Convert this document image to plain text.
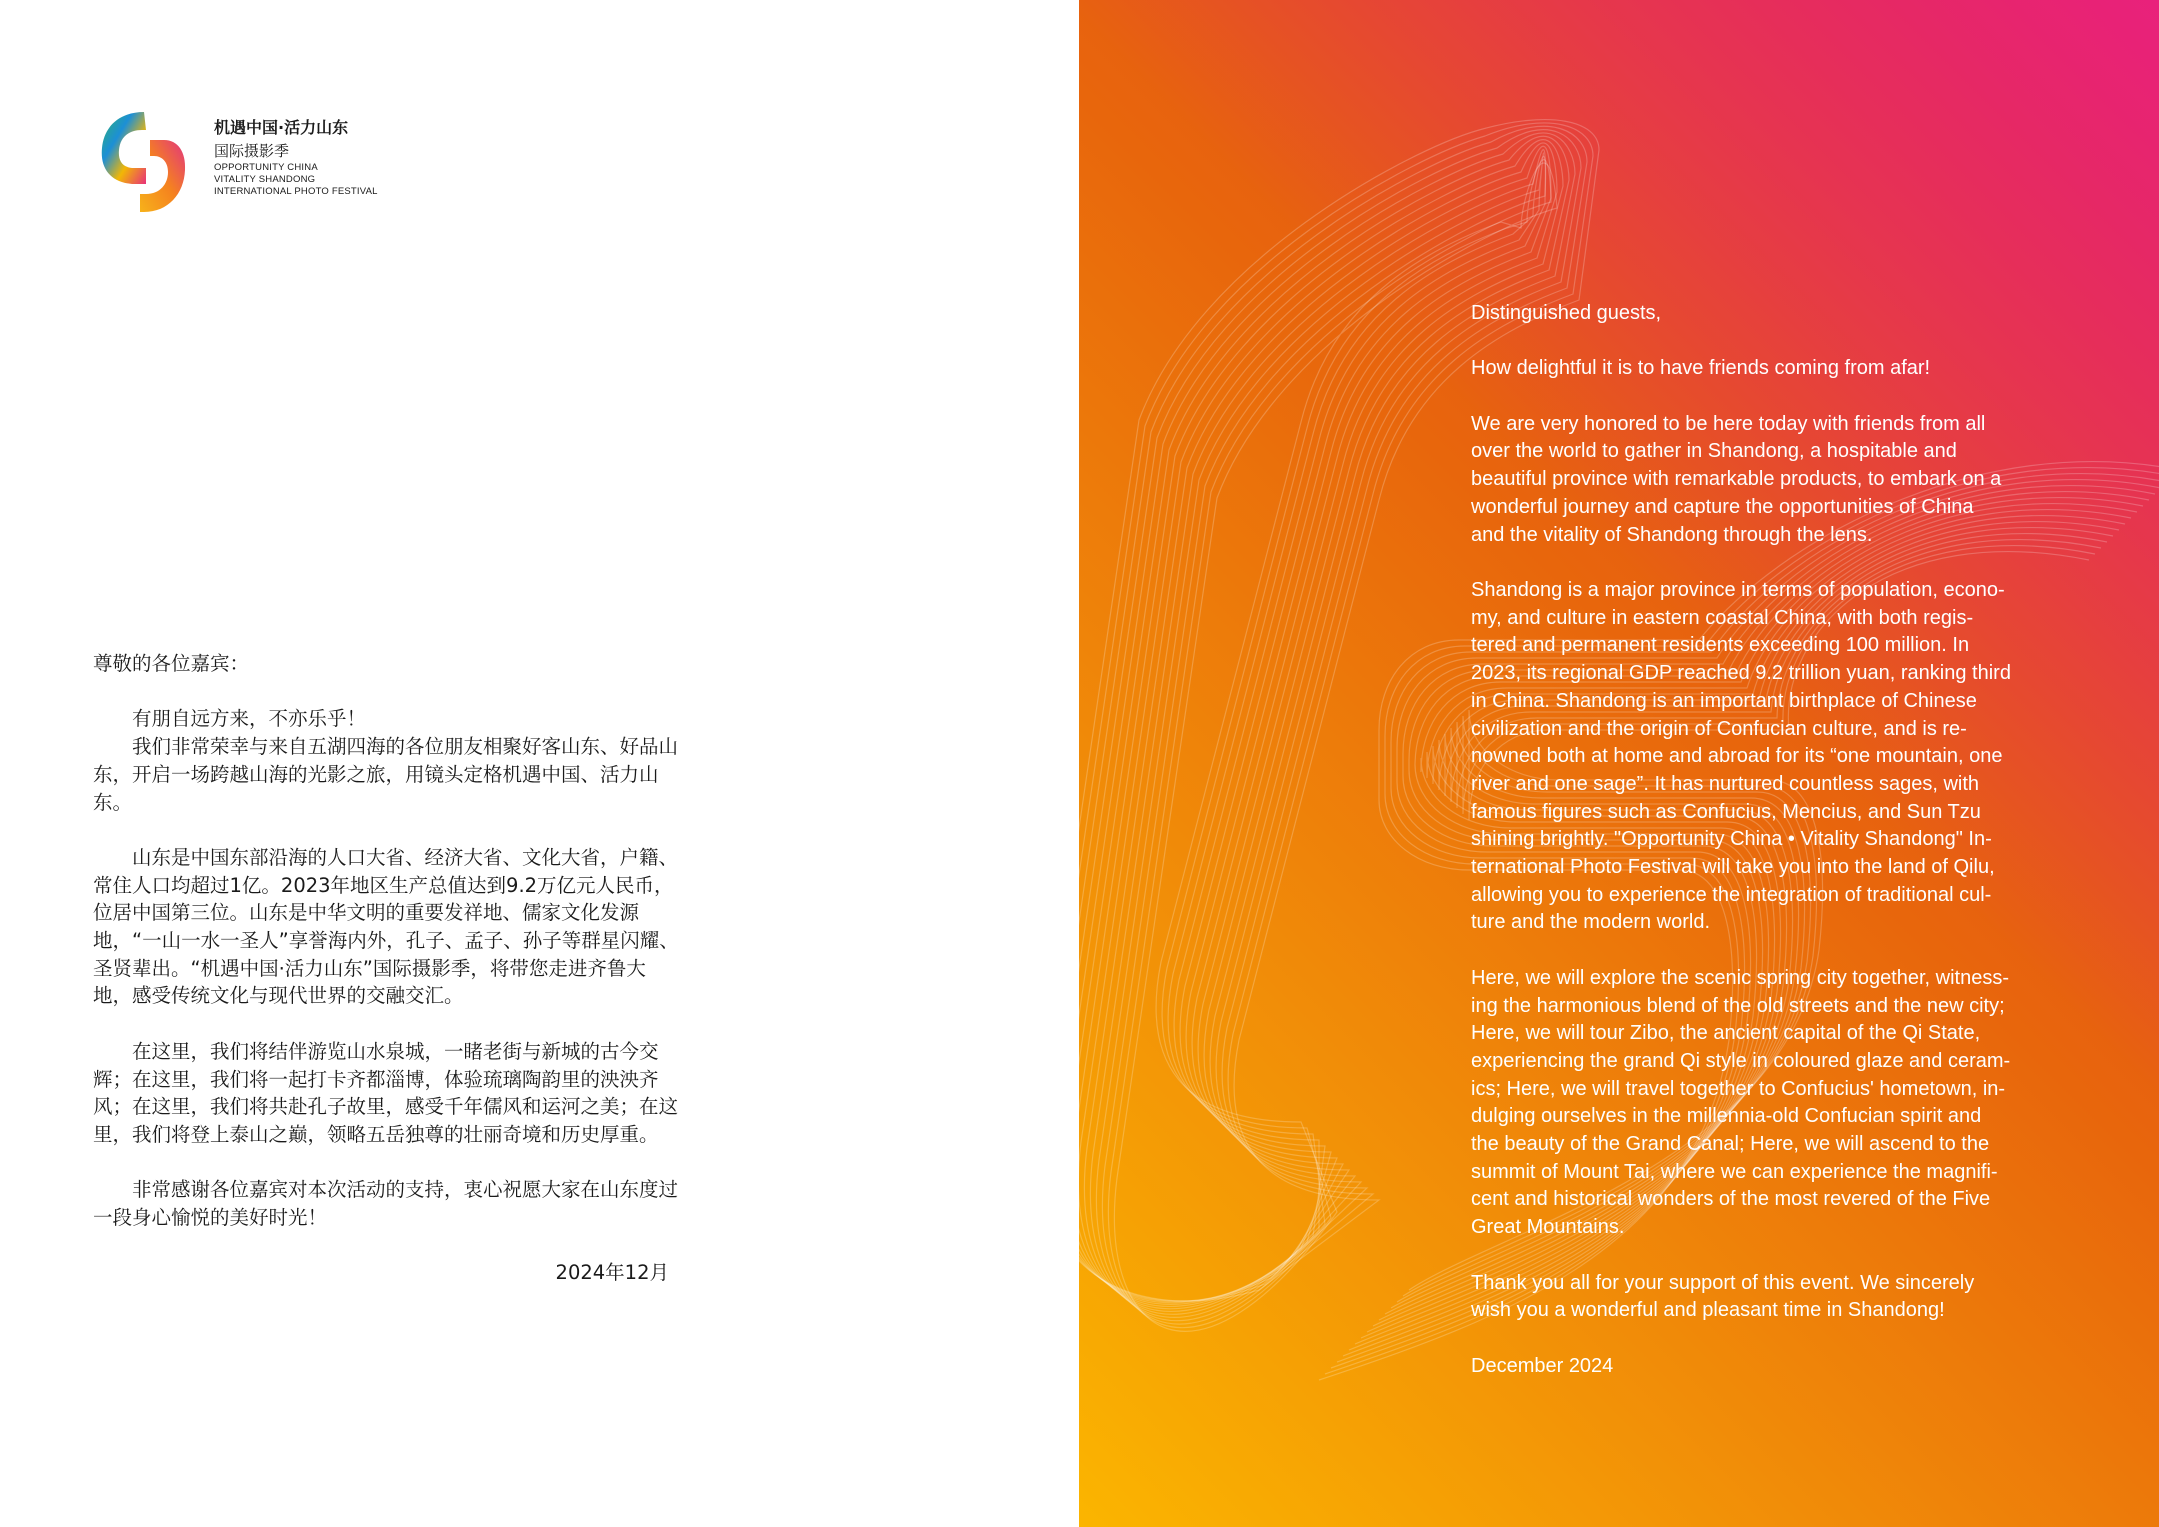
机遇中国·活力山东
国际摄影季
OPPORTUNITY CHINA
VITALITY SHANDONG
INTERNATIONAL PHOTO FESTIVAL

尊敬的各位嘉宾：

有朋自远方来，不亦乐乎！

我们非常荣幸与来自五湖四海的各位朋友相聚好客山东、好品山东，开启一场跨越山海的光影之旅，用镜头定格机遇中国、活力山东。

山东是中国东部沿海的人口大省、经济大省、文化大省，户籍、常住人口均超过1亿。2023年地区生产总值达到9.2万亿元人民币，位居中国第三位。山东是中华文明的重要发祥地、儒家文化发源地，“一山一水一圣人”享誉海内外，孔子、孟子、孙子等群星闪耀、圣贤辈出。“机遇中国·活力山东”国际摄影季，将带您走进齐鲁大地，感受传统文化与现代世界的交融交汇。

在这里，我们将结伴游览山水泉城，一睹老街与新城的古今交辉；在这里，我们将一起打卡齐都淄博，体验琉璃陶韵里的泱泱齐风；在这里，我们将共赴孔子故里，感受千年儒风和运河之美；在这里，我们将登上泰山之巅，领略五岳独尊的壮丽奇境和历史厚重。

非常感谢各位嘉宾对本次活动的支持，衷心祝愿大家在山东度过一段身心愉悦的美好时光！

2024年12月

Distinguished guests,

How delightful it is to have friends coming from afar!

We are very honored to be here today with friends from all
over the world to gather in Shandong, a hospitable and
beautiful province with remarkable products, to embark on a
wonderful journey and capture the opportunities of China
and the vitality of Shandong through the lens.

Shandong is a major province in terms of population, econo-
my, and culture in eastern coastal China, with both regis-
tered and permanent residents exceeding 100 million. In
2023, its regional GDP reached 9.2 trillion yuan, ranking third
in China. Shandong is an important birthplace of Chinese
civilization and the origin of Confucian culture, and is re-
nowned both at home and abroad for its “one mountain, one
river and one sage”. It has nurtured countless sages, with
famous figures such as Confucius, Mencius, and Sun Tzu
shining brightly. "Opportunity China • Vitality Shandong" In-
ternational Photo Festival will take you into the land of Qilu,
allowing you to experience the integration of traditional cul-
ture and the modern world.

Here, we will explore the scenic spring city together, witness-
ing the harmonious blend of the old streets and the new city;
Here, we will tour Zibo, the ancient capital of the Qi State,
experiencing the grand Qi style in coloured glaze and ceram-
ics; Here, we will travel together to Confucius' hometown, in-
dulging ourselves in the millennia-old Confucian spirit and
the beauty of the Grand Canal; Here, we will ascend to the
summit of Mount Tai, where we can experience the magnifi-
cent and historical wonders of the most revered of the Five
Great Mountains.

Thank you all for your support of this event. We sincerely
wish you a wonderful and pleasant time in Shandong!

December 2024
